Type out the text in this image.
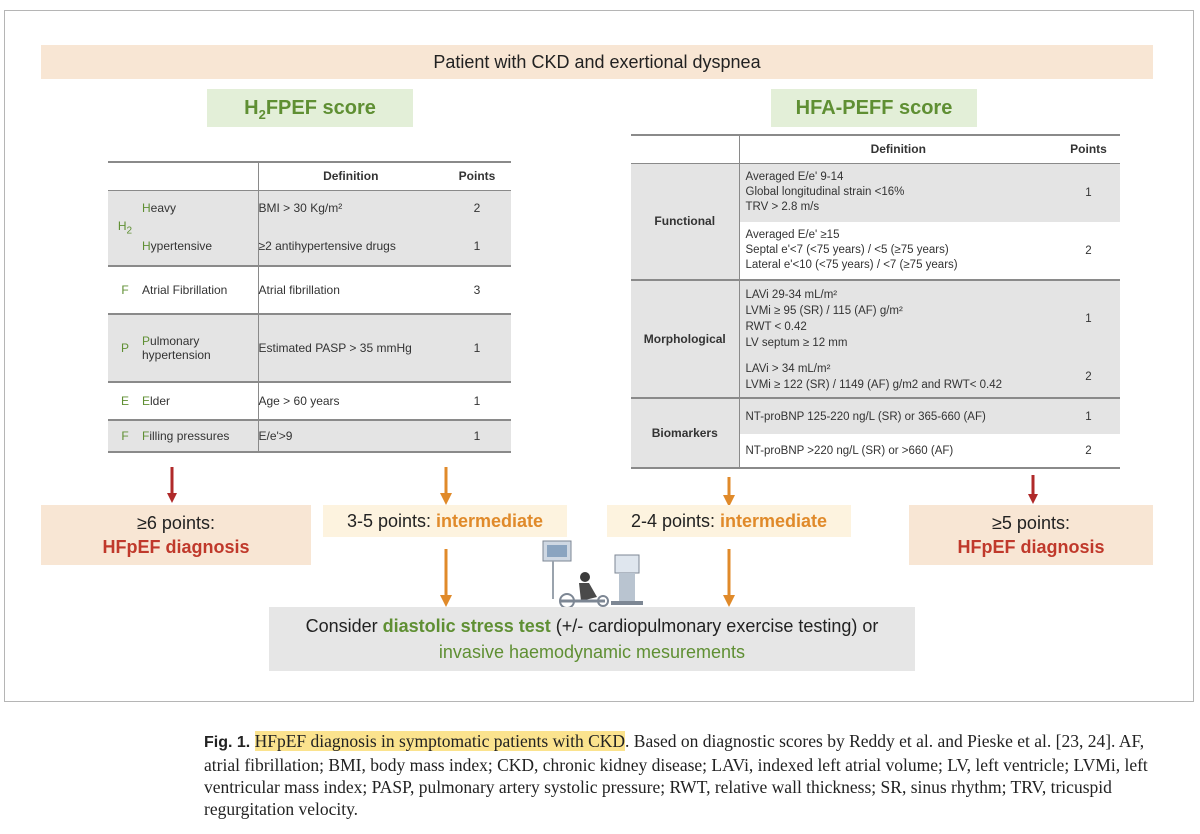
Patient with CKD and exertional dyspnea
$H_2FPEF$ score	HFA-PEFF score
		Definition	Points
$H_2$	Heavy	BMI > 30 Kg/m²	2
	Hypertensive	≥2 antihypertensive drugs	1
F	Atrial Fibrillation	Atrial fibrillation	3
P	Pulmonary hypertension	Estimated PASP > 35 mmHg	1
E	Elder	Age > 60 years	1
F	Filling pressures	E/e'>9	1
	Definition	Points
Functional	Averaged E/e' 9-14
Global longitudinal strain <16%
TRV > 2.8 m/s	1

	Averaged E/e' ≥15
Septal e'<7 (<75 years) / <5 (≥75 years)
Lateral e'<10 (<75 years) / <7 (≥75 years)	2
Morphological	LAVi 29-34 mL/m²
LVMi ≥ 95 (SR) / 115 (AF) g/m²
RWT < 0.42
LV septum ≥ 12 mm	1

	LAVi > 34 mL/m²
LVMi ≥ 122 (SR) / 1149 (AF) g/m2 and RWT< 0.42	2
Biomarkers	NT-proBNP 125-220 ng/L (SR) or 365-660 (AF)	1
	NT-proBNP >220 ng/L (SR) or >660 (AF)	2
≥6 points:
HFpEF diagnosis
3-5 points: intermediate	2-4 points: intermediate	≥5 points:
HFpEF diagnosis
Consider diastolic stress test (+/- cardiopulmonary exercise testing) or
invasive haemodynamic mesurements
Fig. 1. HFpEF diagnosis in symptomatic patients with CKD. Based on diagnostic scores by Reddy et al. and Pieske et al. [23, 24]. AF, atrial fibrillation; BMI, body mass index; CKD, chronic kidney disease; LAVi, indexed left atrial volume; LV, left ventricle; LVMi, left ventricular mass index; PASP, pulmonary artery systolic pressure; RWT, relative wall thickness; SR, sinus rhythm; TRV, tricuspid regurgitation velocity.
